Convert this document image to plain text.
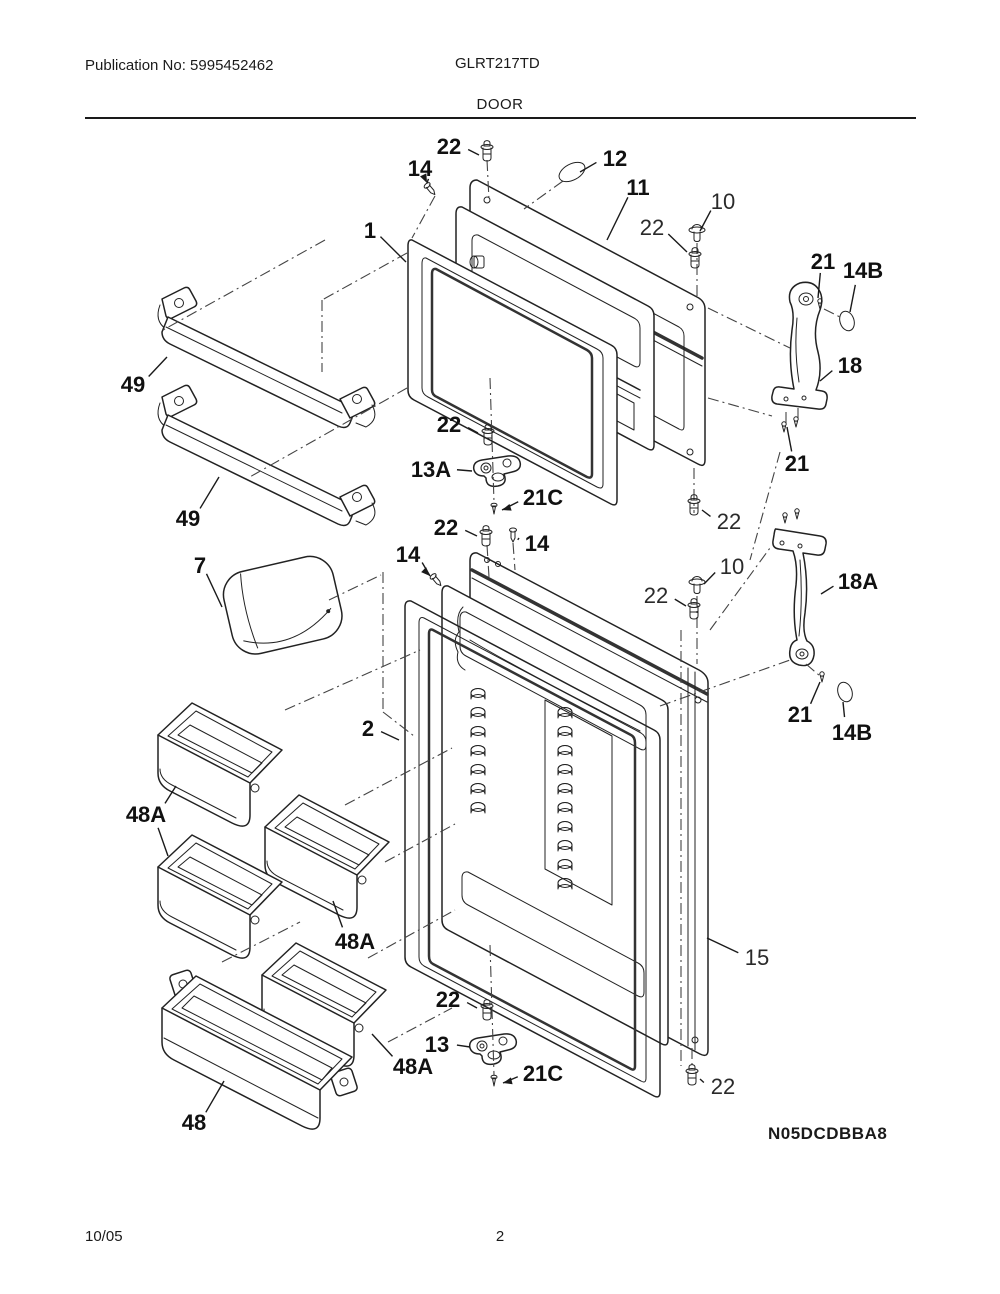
Publication No: 5995452462	GLRT217TD
DOOR
22
14	12
11
10
22
1
21 14B
18
49
49
22
13A
21C
21
22
22
14
14
7	10
22
18A
2
21
14B
48A
48A
48A
13
21C
22
22
15
48	N05DCDBBA8
10/05	2
